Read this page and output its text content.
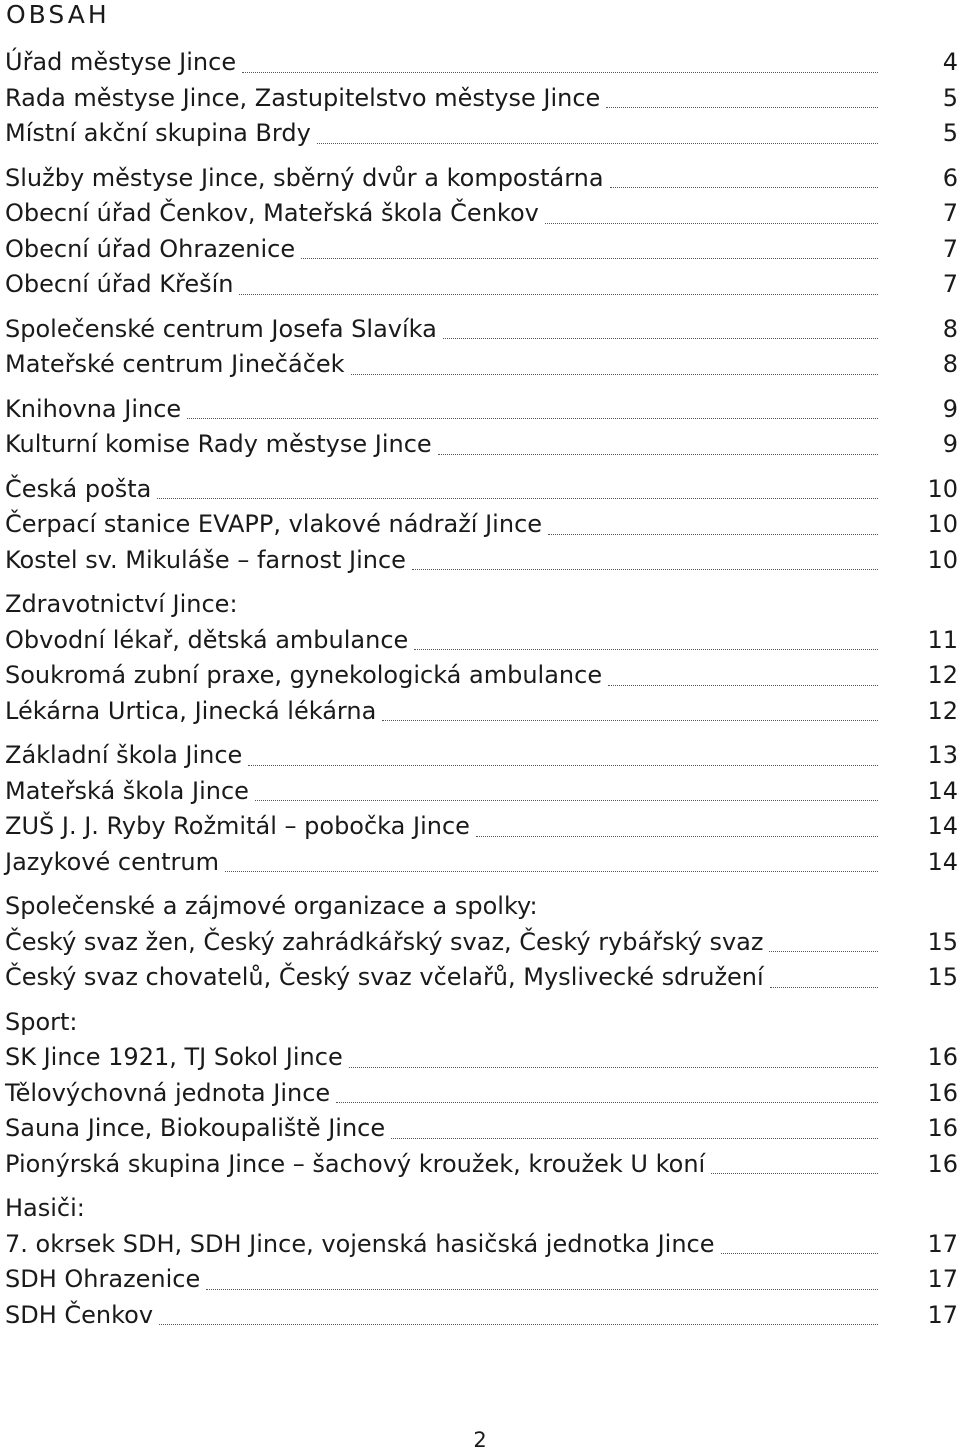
OBSAH
Úřad městyse Jince	4
Rada městyse Jince, Zastupitelstvo městyse Jince	5
Místní akční skupina Brdy	5
Služby městyse Jince, sběrný dvůr a kompostárna	6
Obecní úřad Čenkov, Mateřská škola Čenkov	7
Obecní úřad Ohrazenice	7
Obecní úřad Křešín	7
Společenské centrum Josefa Slavíka	8
Mateřské centrum Jinečáček	8
Knihovna Jince	9
Kulturní komise Rady městyse Jince	9
Česká pošta	10
Čerpací stanice EVAPP, vlakové nádraží Jince	10
Kostel sv. Mikuláše – farnost Jince	10
Zdravotnictví Jince:
Obvodní lékař, dětská ambulance	11
Soukromá zubní praxe, gynekologická ambulance	12
Lékárna Urtica, Jinecká lékárna	12
Základní škola Jince	13
Mateřská škola Jince	14
ZUŠ J. J. Ryby Rožmitál – pobočka Jince	14
Jazykové centrum	14
Společenské a zájmové organizace a spolky:
Český svaz žen, Český zahrádkářský svaz, Český rybářský svaz	15
Český svaz chovatelů, Český svaz včelařů, Myslivecké sdružení	15
Sport:
SK Jince 1921, TJ Sokol Jince	16
Tělovýchovná jednota Jince	16
Sauna Jince, Biokoupaliště Jince	16
Pionýrská skupina Jince – šachový kroužek, kroužek U koní	16
Hasiči:
7. okrsek SDH, SDH Jince, vojenská hasičská jednotka Jince	17
SDH Ohrazenice	17
SDH Čenkov	17
2
